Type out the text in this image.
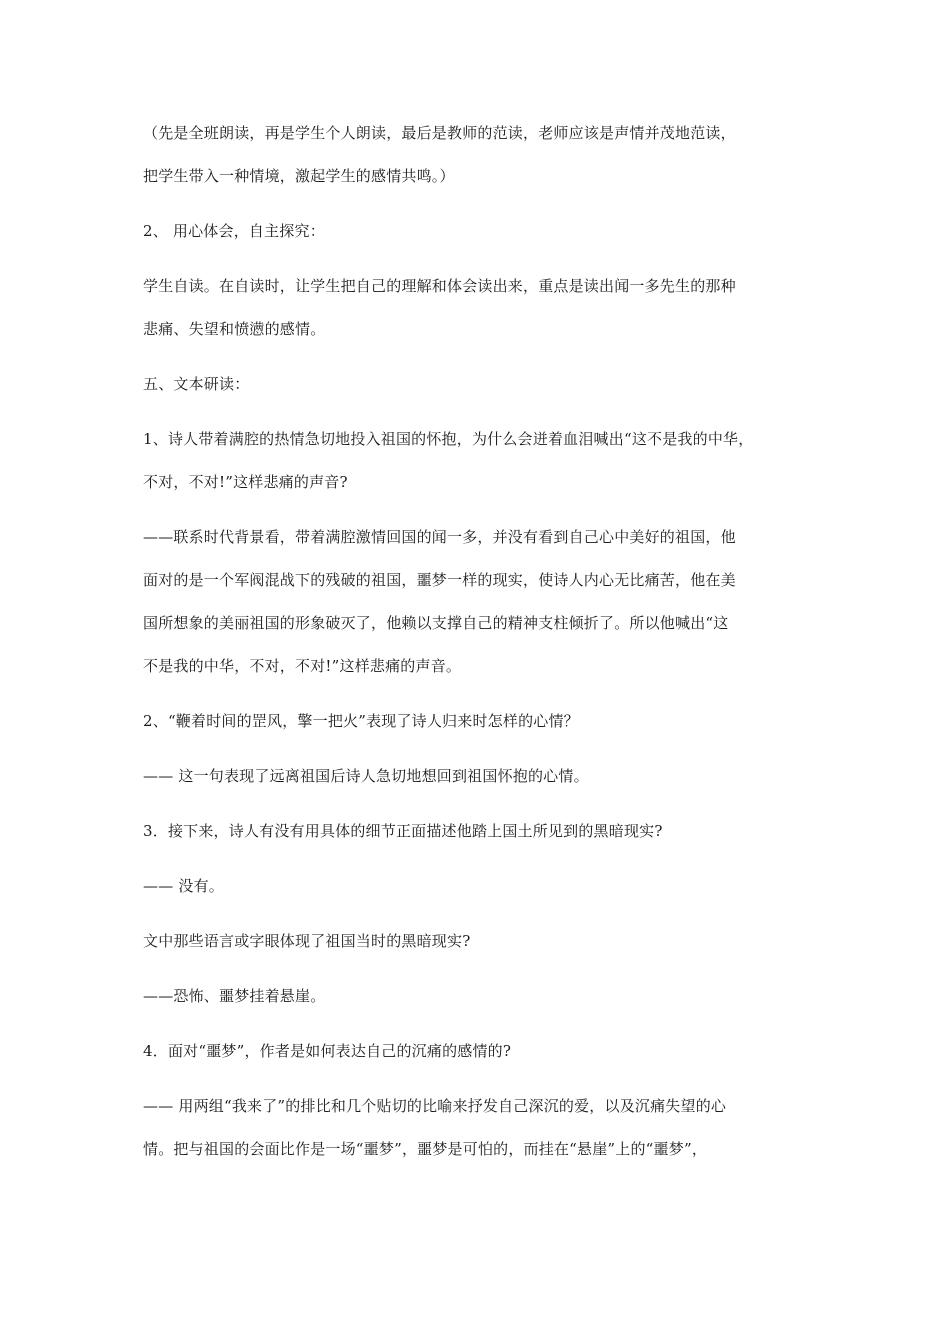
（先是全班朗读，再是学生个人朗读，最后是教师的范读，老师应该是声情并茂地范读，
把学生带入一种情境，激起学生的感情共鸣。）
2、 用心体会，自主探究：
学生自读。在自读时，让学生把自己的理解和体会读出来，重点是读出闻一多先生的那种
悲痛、失望和愤懑的感情。
五、文本研读：
1、诗人带着满腔的热情急切地投入祖国的怀抱，为什么会迸着血泪喊出“这不是我的中华，
不对，不对!”这样悲痛的声音?
——联系时代背景看，带着满腔激情回国的闻一多，并没有看到自己心中美好的祖国，他
面对的是一个军阀混战下的残破的祖国，噩梦一样的现实，使诗人内心无比痛苦，他在美
国所想象的美丽祖国的形象破灭了，他赖以支撑自己的精神支柱倾折了。所以他喊出“这
不是我的中华，不对，不对!”这样悲痛的声音。
2、“鞭着时间的罡风，擎一把火”表现了诗人归来时怎样的心情？
—— 这一句表现了远离祖国后诗人急切地想回到祖国怀抱的心情。
3．接下来，诗人有没有用具体的细节正面描述他踏上国土所见到的黑暗现实?
—— 没有。
文中那些语言或字眼体现了祖国当时的黑暗现实?
——恐怖、噩梦挂着悬崖。
4．面对“噩梦”，作者是如何表达自己的沉痛的感情的?
—— 用两组“我来了”的排比和几个贴切的比喻来抒发自己深沉的爱，以及沉痛失望的心
情。把与祖国的会面比作是一场“噩梦”，噩梦是可怕的，而挂在“悬崖”上的“噩梦”，
